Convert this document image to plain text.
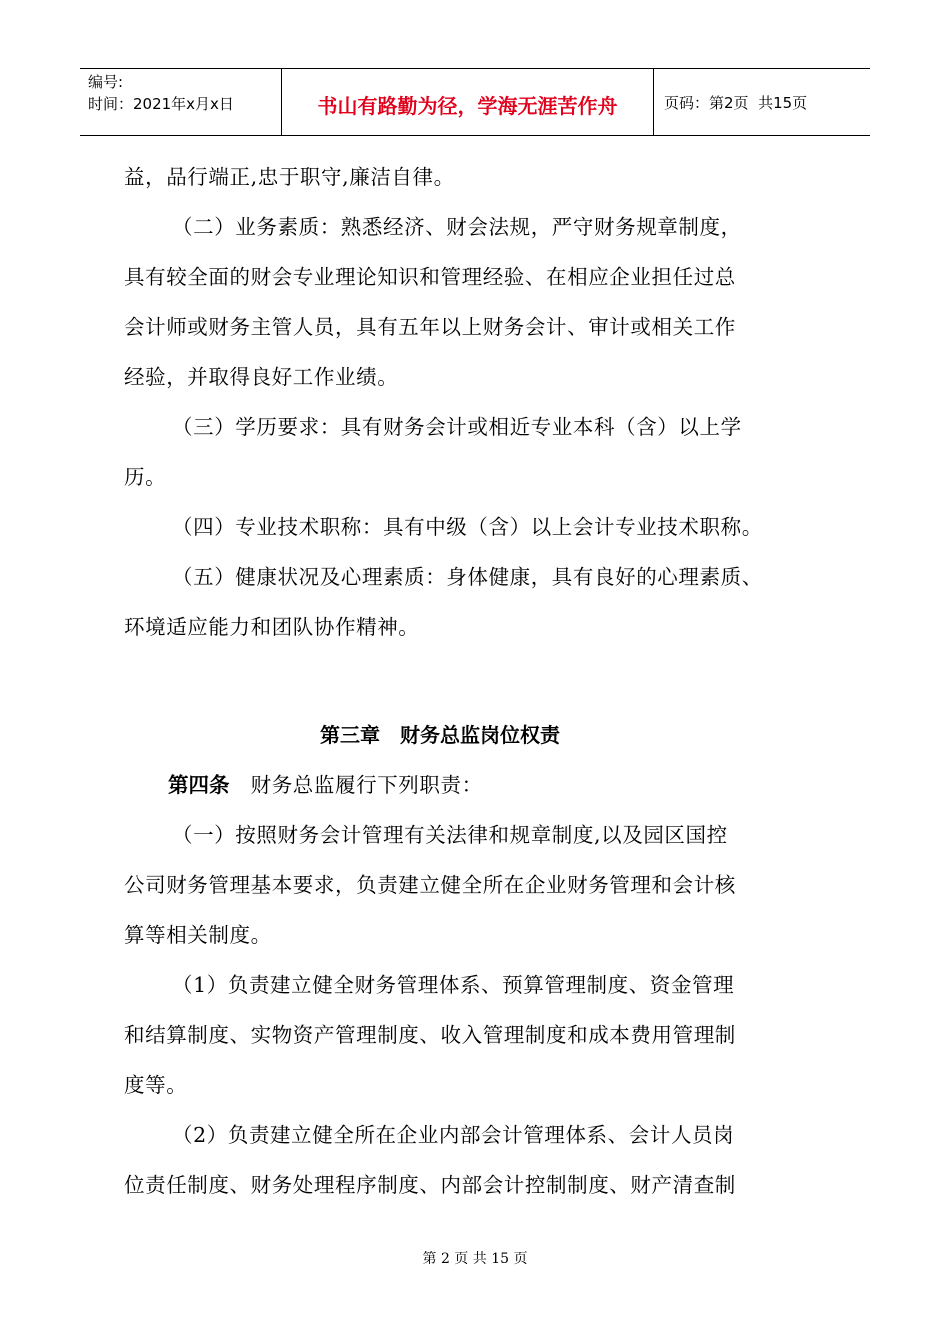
编号:
时间：2021年x月x日	书山有路勤为径，学海无涯苦作舟	页码：第2页  共15页
益，品行端正,忠于职守,廉洁自律。
（二）业务素质：熟悉经济、财会法规，严守财务规章制度，
具有较全面的财会专业理论知识和管理经验、在相应企业担任过总
会计师或财务主管人员，具有五年以上财务会计、审计或相关工作
经验，并取得良好工作业绩。
（三）学历要求：具有财务会计或相近专业本科（含）以上学
历。
（四）专业技术职称：具有中级（含）以上会计专业技术职称。
（五）健康状况及心理素质：身体健康，具有良好的心理素质、
环境适应能力和团队协作精神。
第三章　财务总监岗位权责
第四条　财务总监履行下列职责：
（一）按照财务会计管理有关法律和规章制度,以及园区国控
公司财务管理基本要求，负责建立健全所在企业财务管理和会计核
算等相关制度。
（1）负责建立健全财务管理体系、预算管理制度、资金管理
和结算制度、实物资产管理制度、收入管理制度和成本费用管理制
度等。
（2）负责建立健全所在企业内部会计管理体系、会计人员岗
位责任制度、财务处理程序制度、内部会计控制制度、财产清查制
第 2 页 共 15 页
